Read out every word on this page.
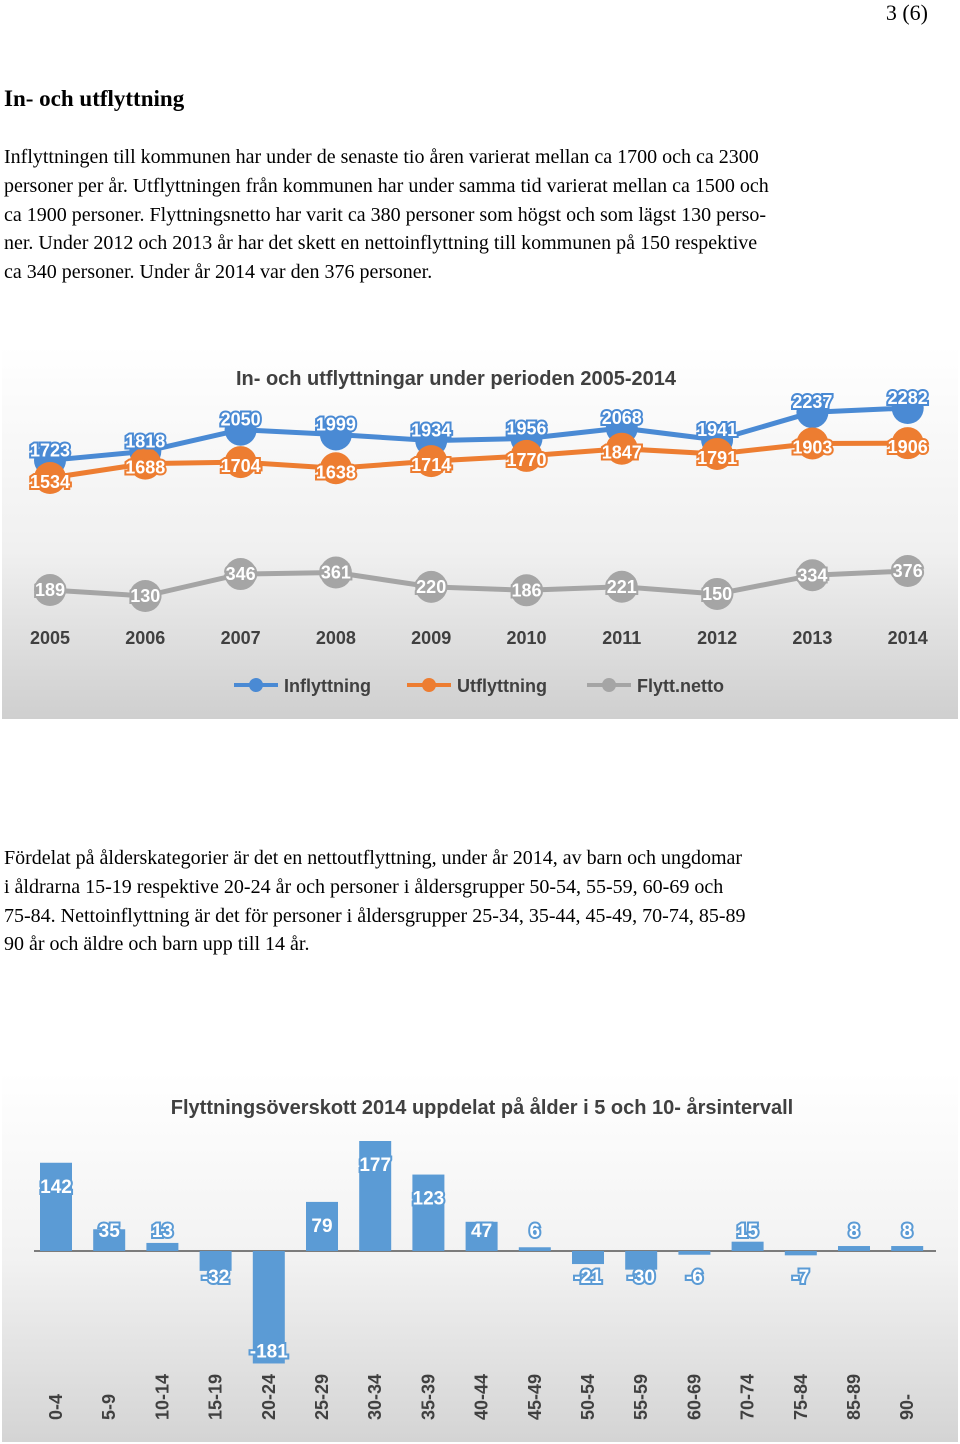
3 (6)
In- och utflyttning

Inflyttningen till kommunen har under de senaste tio åren varierat mellan ca 1700 och ca 2300
personer per år. Utflyttningen från kommunen har under samma tid varierat mellan ca 1500 och
ca 1900 personer. Flyttningsnetto har varit ca 380 personer som högst och som lägst 130 perso-
ner. Under 2012 och 2013 år har det skett en nettoinflyttning till kommunen på 150 respektive
ca 340 personer. Under år 2014 var den 376 personer.

In- och utflyttningar under perioden 2005-2014
1723	1818
2050	1999	1934	1956
2068
1941
2237	2282
1534
1688	1704	1638	1714	1770	1847	1791
1903	1906
189	130
346	361
220	186	221	150
334	376
2005	2006	2007	2008	2009	2010	2011	2012	2013	2014
Inflyttning	Utflyttning	Flytt.netto

Fördelat på ålderskategorier är det en nettoutflyttning, under år 2014, av barn och ungdomar
i åldrarna 15-19 respektive 20-24 år och personer i åldersgrupper 50-54, 55-59, 60-69 och
75-84. Nettoinflyttning är det för personer i åldersgrupper 25-34, 35-44, 45-49, 70-74, 85-89
90 år och äldre och barn upp till 14 år.

Flyttningsöverskott 2014 uppdelat på ålder i 5 och 10- årsintervall
142
35 13
-32
-181
79
177
123
47 6
-21 -30 -6
15
-7
8 8
0-4 5-9 10-14 15-19 20-24 25-29 30-34 35-39 40-44 45-49 50-54 55-59 60-69 70-74 75-84 85-89 90-
